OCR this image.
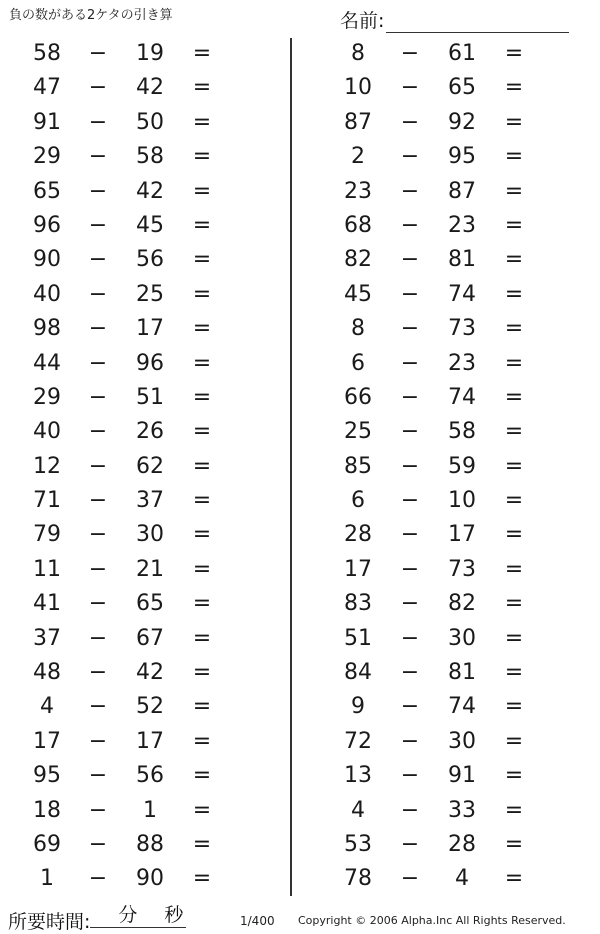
負の数がある2ケタの引き算	名前:
58 − 19 =
47 − 42 =
91 − 50 =
29 − 58 =
65 − 42 =
96 − 45 =
90 − 56 =
40 − 25 =
98 − 17 =
44 − 96 =
29 − 51 =
40 − 26 =
12 − 62 =
71 − 37 =
79 − 30 =
11 − 21 =
41 − 65 =
37 − 67 =
48 − 42 =
4	− 52 =
17 − 17 =
95 − 56 =
18 −	1	=
69 − 88 =
1	− 90 =
8	− 61 =
10 − 65 =
87 − 92 =
2	− 95 =
23 − 87 =
68 − 23 =
82 − 81 =
45 − 74 =
8	− 73 =
6	− 23 =
66 − 74 =
25 − 58 =
85 − 59 =
6	− 10 =
28 − 17 =
17 − 73 =
83 − 82 =
51 − 30 =
84 − 81 =
9	− 74 =
72 − 30 =
13 − 91 =
4	− 33 =
53 − 28 =
78 −	4	=
所要時間: 分 秒	1/400 Copyright © 2006 Alpha.Inc All Rights Reserved.
